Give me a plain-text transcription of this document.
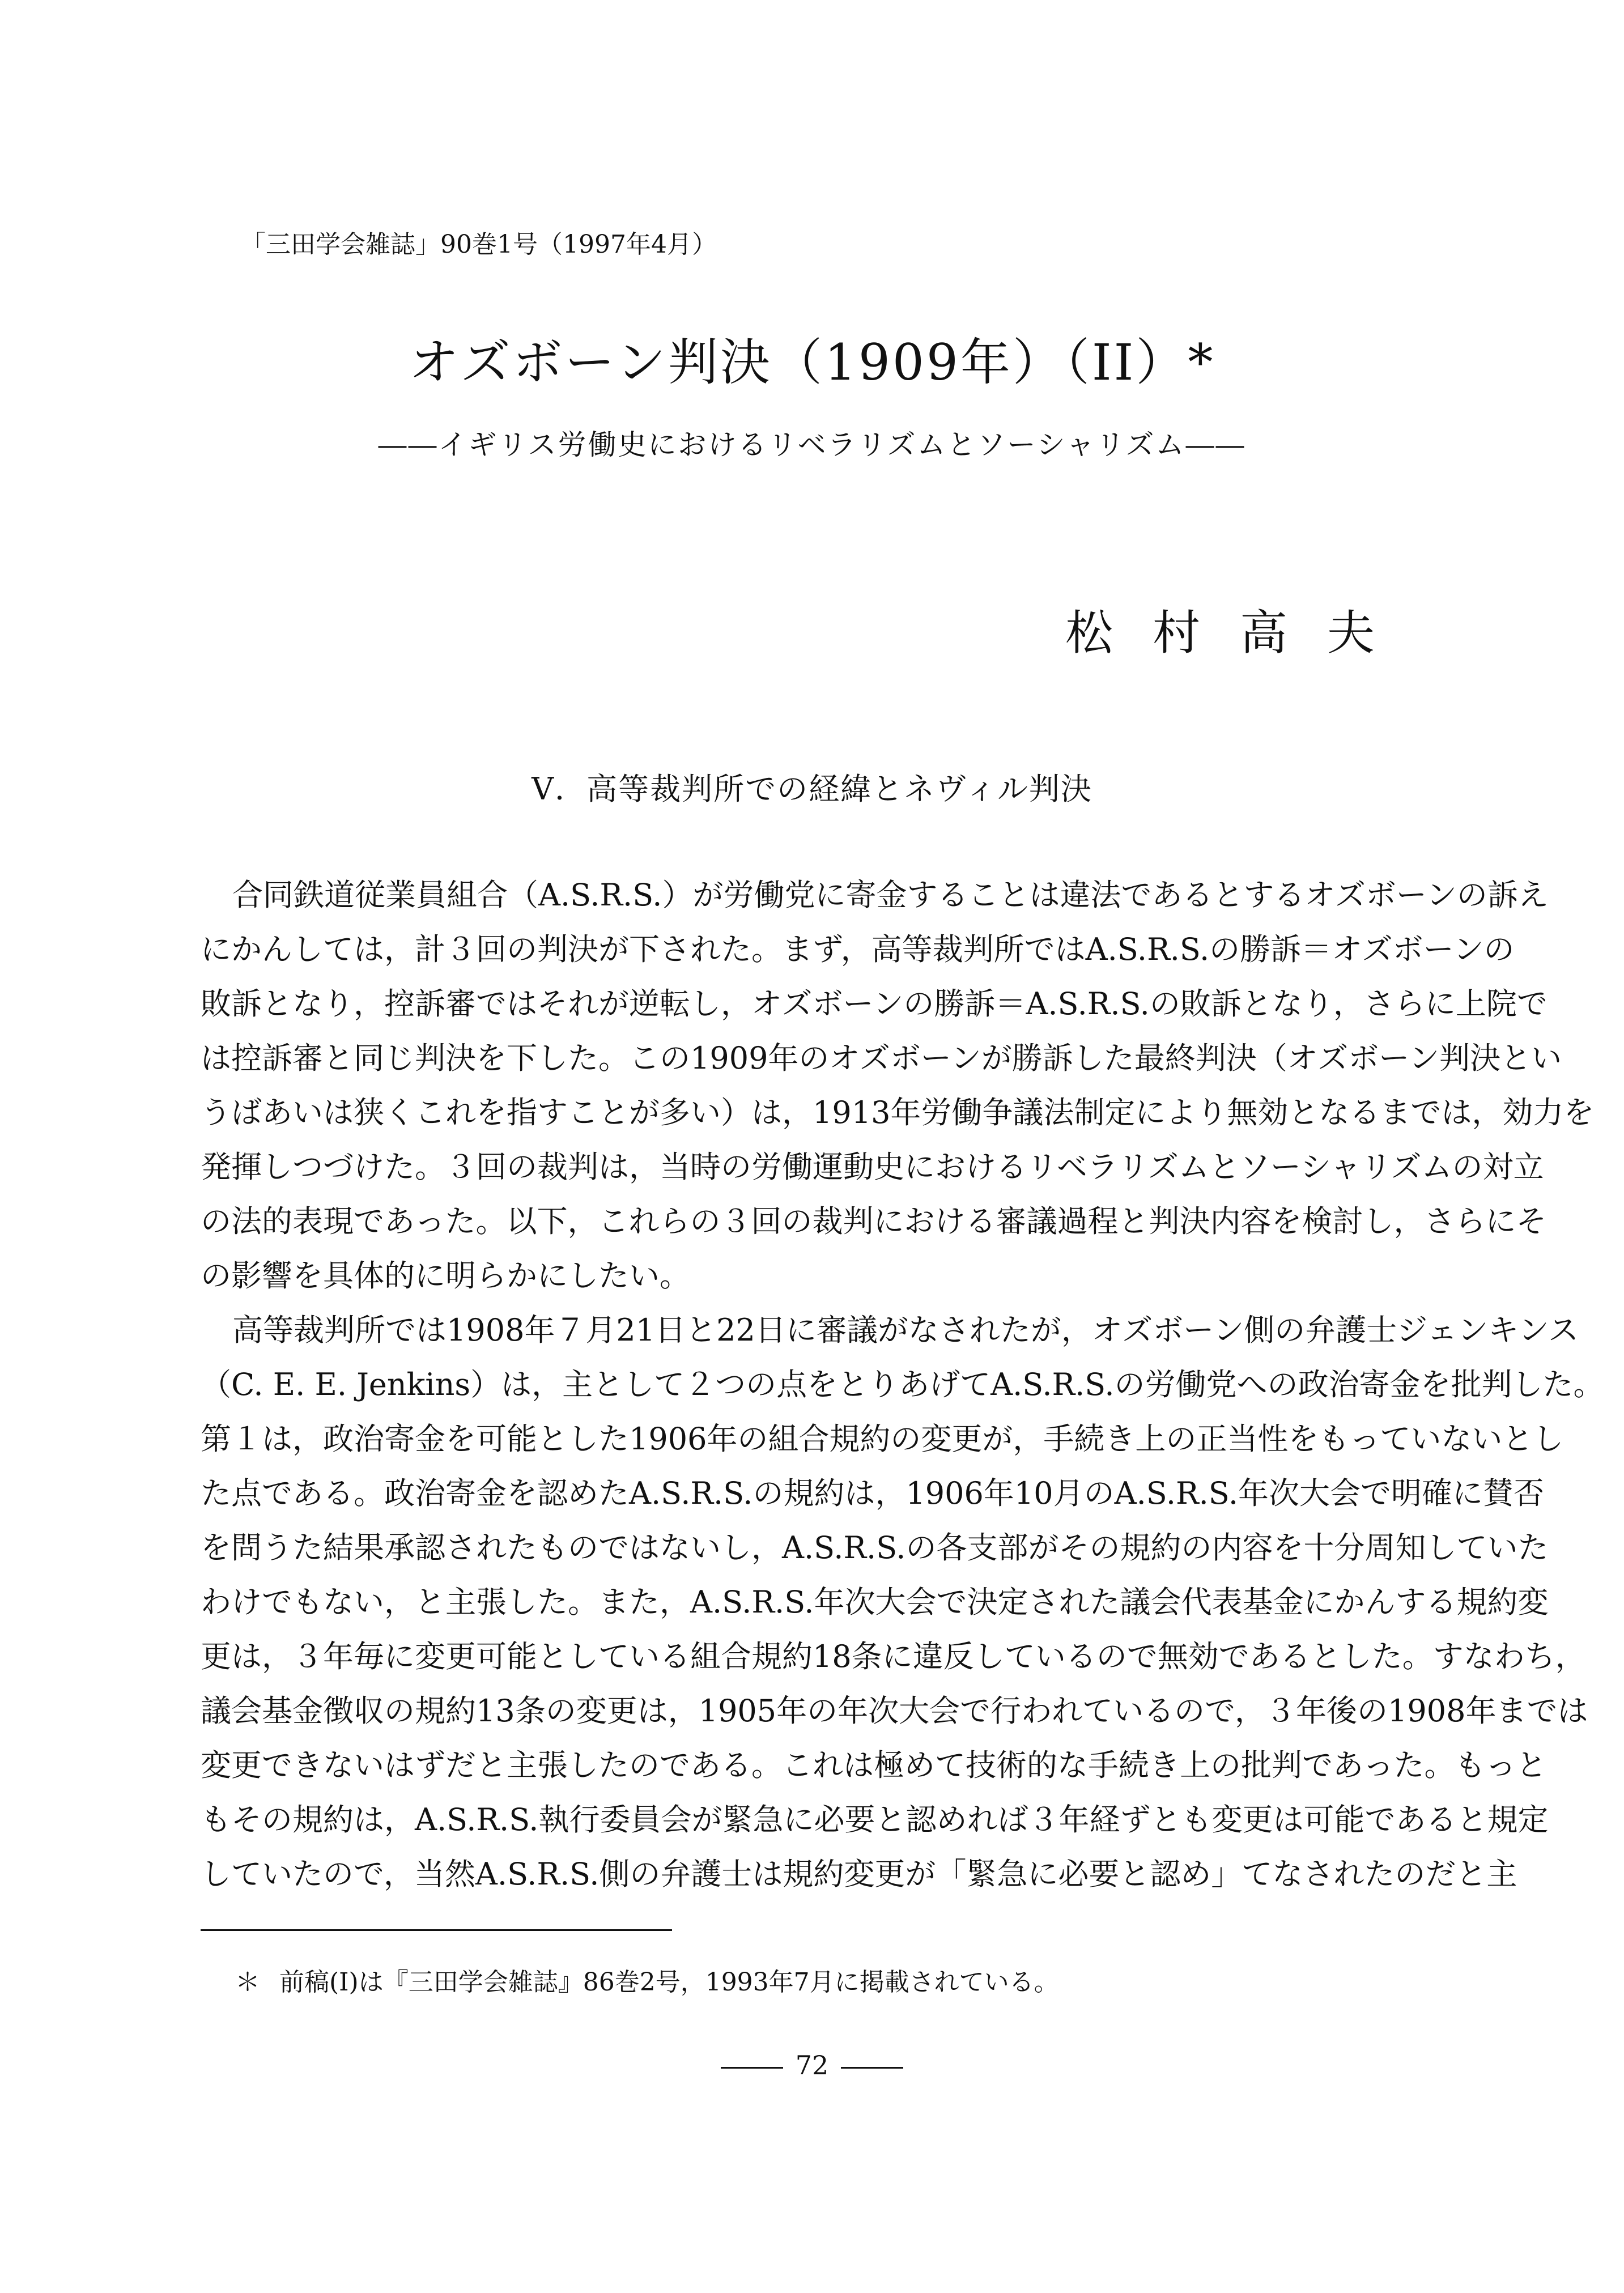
「三田学会雑誌」90巻1号（1997年4月）
オズボーン判決（1909年）（II）*
――イギリス労働史におけるリベラリズムとソーシャリズム――
松村高夫
V．高等裁判所での経緯とネヴィル判決
合同鉄道従業員組合（A.S.R.S.）が労働党に寄金することは違法であるとするオズボーンの訴え
にかんしては，計３回の判決が下された。まず，高等裁判所ではA.S.R.S.の勝訴＝オズボーンの
敗訴となり，控訴審ではそれが逆転し，オズボーンの勝訴＝A.S.R.S.の敗訴となり，さらに上院で
は控訴審と同じ判決を下した。この1909年のオズボーンが勝訴した最終判決（オズボーン判決とい
うばあいは狭くこれを指すことが多い）は，1913年労働争議法制定により無効となるまでは，効力を
発揮しつづけた。３回の裁判は，当時の労働運動史におけるリベラリズムとソーシャリズムの対立
の法的表現であった。以下，これらの３回の裁判における審議過程と判決内容を検討し，さらにそ
の影響を具体的に明らかにしたい。
高等裁判所では1908年７月21日と22日に審議がなされたが，オズボーン側の弁護士ジェンキンス
（C. E. E. Jenkins）は，主として２つの点をとりあげてA.S.R.S.の労働党への政治寄金を批判した。
第１は，政治寄金を可能とした1906年の組合規約の変更が，手続き上の正当性をもっていないとし
た点である。政治寄金を認めたA.S.R.S.の規約は，1906年10月のA.S.R.S.年次大会で明確に賛否
を問うた結果承認されたものではないし，A.S.R.S.の各支部がその規約の内容を十分周知していた
わけでもない，と主張した。また，A.S.R.S.年次大会で決定された議会代表基金にかんする規約変
更は，３年毎に変更可能としている組合規約18条に違反しているので無効であるとした。すなわち，
議会基金徴収の規約13条の変更は，1905年の年次大会で行われているので，３年後の1908年までは
変更できないはずだと主張したのである。これは極めて技術的な手続き上の批判であった。もっと
もその規約は，A.S.R.S.執行委員会が緊急に必要と認めれば３年経ずとも変更は可能であると規定
していたので，当然A.S.R.S.側の弁護士は規約変更が「緊急に必要と認め」てなされたのだと主
＊ 前稿(I)は『三田学会雑誌』86巻2号，1993年7月に掲載されている。
72
